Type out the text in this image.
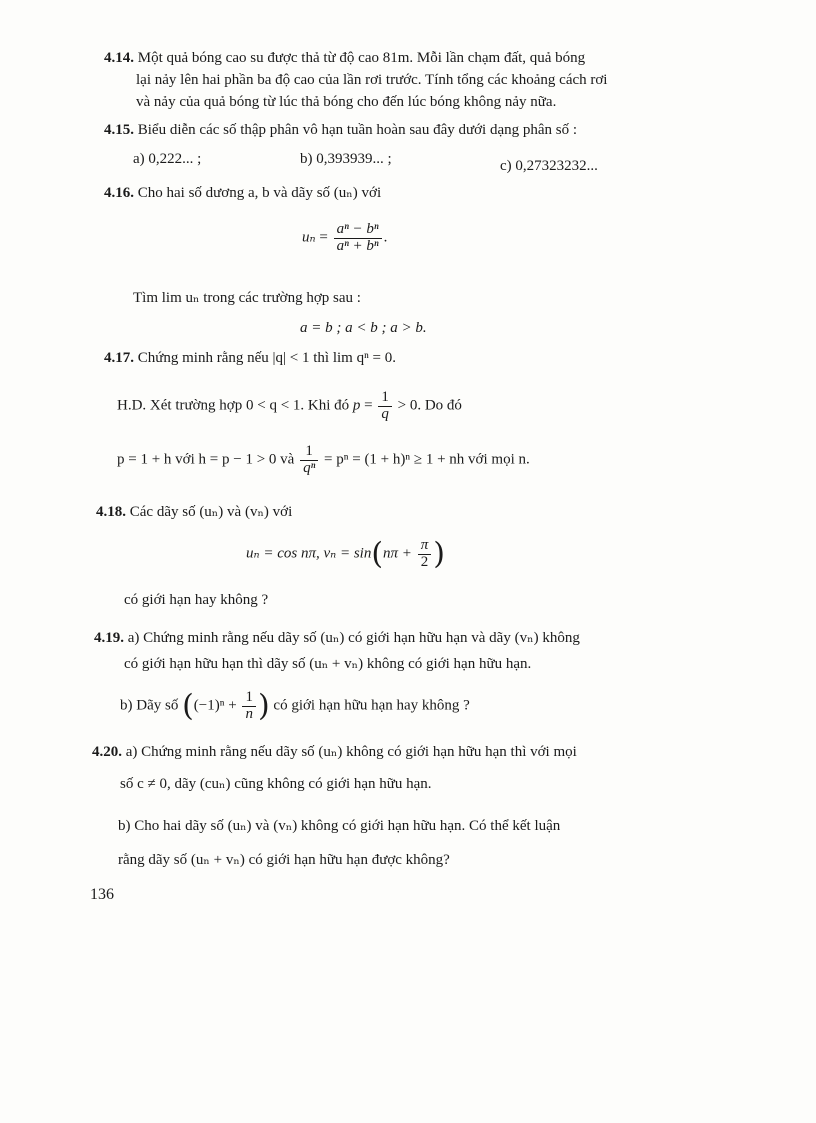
4.14. Một quả bóng cao su được thả từ độ cao 81m. Mỗi lần chạm đất, quả bóng
lại nảy lên hai phần ba độ cao của lần rơi trước. Tính tổng các khoảng cách rơi
và nảy của quả bóng từ lúc thả bóng cho đến lúc bóng không nảy nữa.
4.15. Biểu diễn các số thập phân vô hạn tuần hoàn sau đây dưới dạng phân số :
a) 0,222... ;	b) 0,393939... ;	c) 0,27323232...
4.16. Cho hai số dương a, b và dãy số (uₙ) với
$u_n = \frac{\text{aⁿ − bⁿ}}{\text{aⁿ + bⁿ}}$ .
Tìm lim uₙ trong các trường hợp sau :
a = b ; a < b ; a > b.
4.17. Chứng minh rằng nếu |q| < 1 thì lim qⁿ = 0.
H.D. Xét trường hợp 0 < q < 1. Khi đó $p = \frac{1}{q} > 0$. Do đó
p = 1 + h với h = p − 1 > 0 và $\frac{1}{\text{qⁿ}} = p^n = (1 + h)^n \ge 1$ + nh với mọi n.
4.18. Các dãy số (uₙ) và (vₙ) với
uₙ = cos nπ, $v_n = \sin(n\pi + \frac{\pi}{2}$ )
có giới hạn hay không ?
4.19. a) Chứng minh rằng nếu dãy số (uₙ) có giới hạn hữu hạn và dãy (vₙ) không
có giới hạn hữu hạn thì dãy số (uₙ + vₙ) không có giới hạn hữu hạn.
b) Dãy số ($(-1)^n + \frac{1}{n}$ ) có giới hạn hữu hạn hay không ?
4.20. a) Chứng minh rằng nếu dãy số (uₙ) không có giới hạn hữu hạn thì với mọi
số c ≠ 0, dãy (cuₙ) cũng không có giới hạn hữu hạn.
b) Cho hai dãy số (uₙ) và (vₙ) không có giới hạn hữu hạn. Có thể kết luận
rằng dãy số (uₙ + vₙ) có giới hạn hữu hạn được không?
136
